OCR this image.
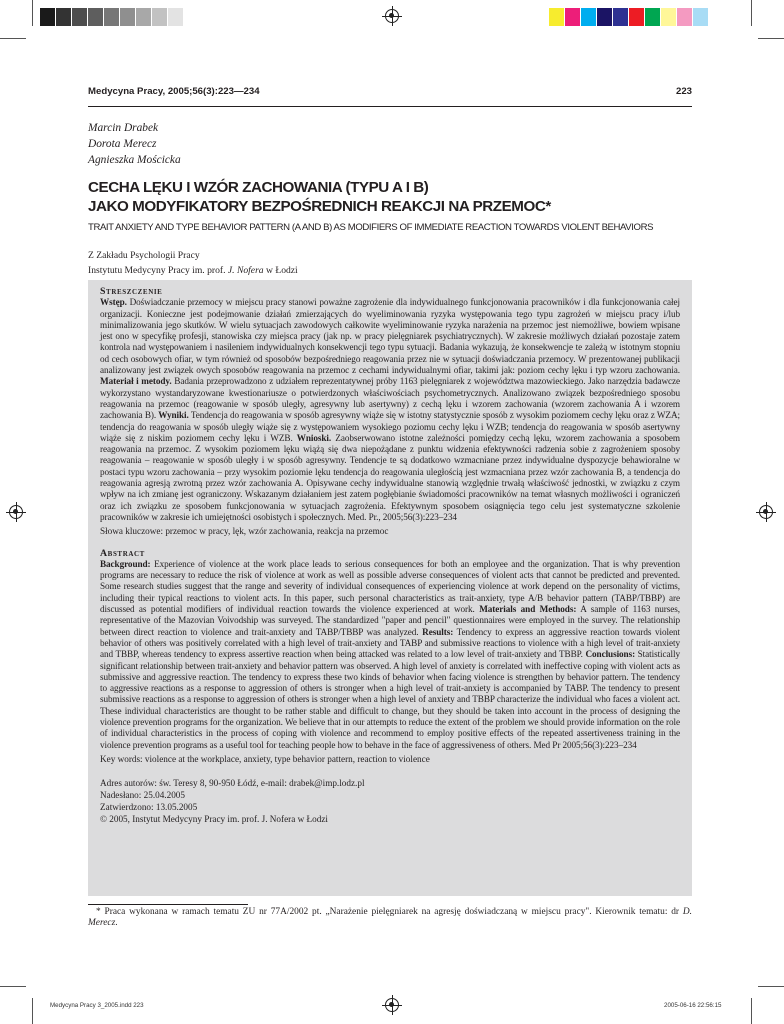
Medycyna Pracy, 2005;56(3):223—234	223
Marcin Drabek
Dorota Merecz
Agnieszka Mościcka
CECHA LĘKU I WZÓR ZACHOWANIA (TYPU A I B)
JAKO MODYFIKATORY BEZPOŚREDNICH REAKCJI NA PRZEMOC*
TRAIT ANXIETY AND TYPE BEHAVIOR PATTERN (A AND B) AS MODIFIERS OF IMMEDIATE REACTION TOWARDS VIOLENT BEHAVIORS
Z Zakładu Psychologii Pracy
Instytutu Medycyny Pracy im. prof. J. Nofera w Łodzi
Streszczenie

Wstęp. Doświadczanie przemocy w miejscu pracy stanowi poważne zagrożenie dla indywidualnego funkcjonowania pracowników i dla funkcjonowania całej organizacji. Konieczne jest podejmowanie działań zmierzających do wyeliminowania ryzyka występowania tego typu zagrożeń w miejscu pracy i/lub minimalizowania jego skutków. W wielu sytuacjach zawodowych całkowite wyeliminowanie ryzyka narażenia na przemoc jest niemożliwe, bowiem wpisane jest ono w specyfikę profesji, stanowiska czy miejsca pracy (jak np. w pracy pielęgniarek psychiatrycznych). W zakresie możliwych działań pozostaje zatem kontrola nad występowaniem i nasileniem indywidualnych konsekwencji tego typu sytuacji. Badania wykazują, że konsekwencje te zależą w istotnym stopniu od cech osobowych ofiar, w tym również od sposobów bezpośredniego reagowania przez nie w sytuacji doświadczania przemocy. W prezentowanej publikacji analizowany jest związek owych sposobów reagowania na przemoc z cechami indywidualnymi ofiar, takimi jak: poziom cechy lęku i typ wzoru zachowania. Materiał i metody. Badania przeprowadzono z udziałem reprezentatywnej próby 1163 pielęgniarek z województwa mazowieckiego. Jako narzędzia badawcze wykorzystano wystandaryzowane kwestionariusze o potwierdzonych właściwościach psychometrycznych. Analizowano związek bezpośredniego sposobu reagowania na przemoc (reagowanie w sposób uległy, agresywny lub asertywny) z cechą lęku i wzorem zachowania (wzorem zachowania A i wzorem zachowania B). Wyniki. Tendencja do reagowania w sposób agresywny wiąże się w istotny statystycznie sposób z wysokim poziomem cechy lęku oraz z WZA; tendencja do reagowania w sposób uległy wiąże się z występowaniem wysokiego poziomu cechy lęku i WZB; tendencja do reagowania w sposób asertywny wiąże się z niskim poziomem cechy lęku i WZB. Wnioski. Zaobserwowano istotne zależności pomiędzy cechą lęku, wzorem zachowania a sposobem reagowania na przemoc. Z wysokim poziomem lęku wiążą się dwa niepożądane z punktu widzenia efektywności radzenia sobie z zagrożeniem sposoby reagowania – reagowanie w sposób uległy i w sposób agresywny. Tendencje te są dodatkowo wzmacniane przez indywidualne dyspozycje behawioralne w postaci typu wzoru zachowania – przy wysokim poziomie lęku tendencja do reagowania uległością jest wzmacniana przez wzór zachowania B, a tendencja do reagowania agresją zwrotną przez wzór zachowania A. Opisywane cechy indywidualne stanowią względnie trwałą właściwość jednostki, w związku z czym wpływ na ich zmianę jest ograniczony. Wskazanym działaniem jest zatem pogłębianie świadomości pracowników na temat własnych możliwości i ograniczeń oraz ich związku ze sposobem funkcjonowania w sytuacjach zagrożenia. Efektywnym sposobem osiągnięcia tego celu jest systematyczne szkolenie pracowników w zakresie ich umiejętności osobistych i społecznych. Med. Pr., 2005;56(3):223–234

Słowa kluczowe: przemoc w pracy, lęk, wzór zachowania, reakcja na przemoc
Abstract

Background: Experience of violence at the work place leads to serious consequences for both an employee and the organization. That is why prevention programs are necessary to reduce the risk of violence at work as well as possible adverse consequences of violent acts that cannot be predicted and prevented. Some research studies suggest that the range and severity of individual consequences of experiencing violence at work depend on the personality of victims, including their typical reactions to violent acts. In this paper, such personal characteristics as trait-anxiety, type A/B behavior pattern (TABP/TBBP) are discussed as potential modifiers of individual reaction towards the violence experienced at work. Materials and Methods: A sample of 1163 nurses, representative of the Mazovian Voivodship was surveyed. The standardized "paper and pencil" questionnaires were employed in the survey. The relationship between direct reaction to violence and trait-anxiety and TABP/TBBP was analyzed. Results: Tendency to express an aggressive reaction towards violent behavior of others was positively correlated with a high level of trait-anxiety and TABP and submissive reactions to violence with a high level of trait-anxiety and TBBP, whereas tendency to express assertive reaction when being attacked was related to a low level of trait-anxiety and TBBP. Conclusions: Statistically significant relationship between trait-anxiety and behavior pattern was observed. A high level of anxiety is correlated with ineffective coping with violent acts as submissive and aggressive reaction. The tendency to express these two kinds of behavior when facing violence is strengthen by behavior pattern. The tendency to aggressive reactions as a response to aggression of others is stronger when a high level of trait-anxiety is accompanied by TABP. The tendency to present submissive reactions as a response to aggression of others is stronger when a high level of anxiety and TBBP characterize the individual who faces a violent act. These individual characteristics are thought to be rather stable and difficult to change, but they should be taken into account in the process of designing the violence prevention programs for the organization. We believe that in our attempts to reduce the extent of the problem we should provide information on the role of individual characteristics in the process of coping with violence and recommend to employ positive effects of the repeated assertiveness training in the violence prevention programs as a useful tool for teaching people how to behave in the face of aggressiveness of others. Med Pr 2005;56(3):223–234

Key words: violence at the workplace, anxiety, type behavior pattern, reaction to violence
Adres autorów: św. Teresy 8, 90-950 Łódź, e-mail: drabek@imp.lodz.pl
Nadesłano: 25.04.2005
Zatwierdzono: 13.05.2005
© 2005, Instytut Medycyny Pracy im. prof. J. Nofera w Łodzi
* Praca wykonana w ramach tematu ZU nr 77A/2002 pt. „Narażenie pielęgniarek na agresję doświadczaną w miejscu pracy". Kierownik tematu: dr D. Merecz.
Medycyna Pracy 3_2005.indd 223	2005-06-16 22:56:15
